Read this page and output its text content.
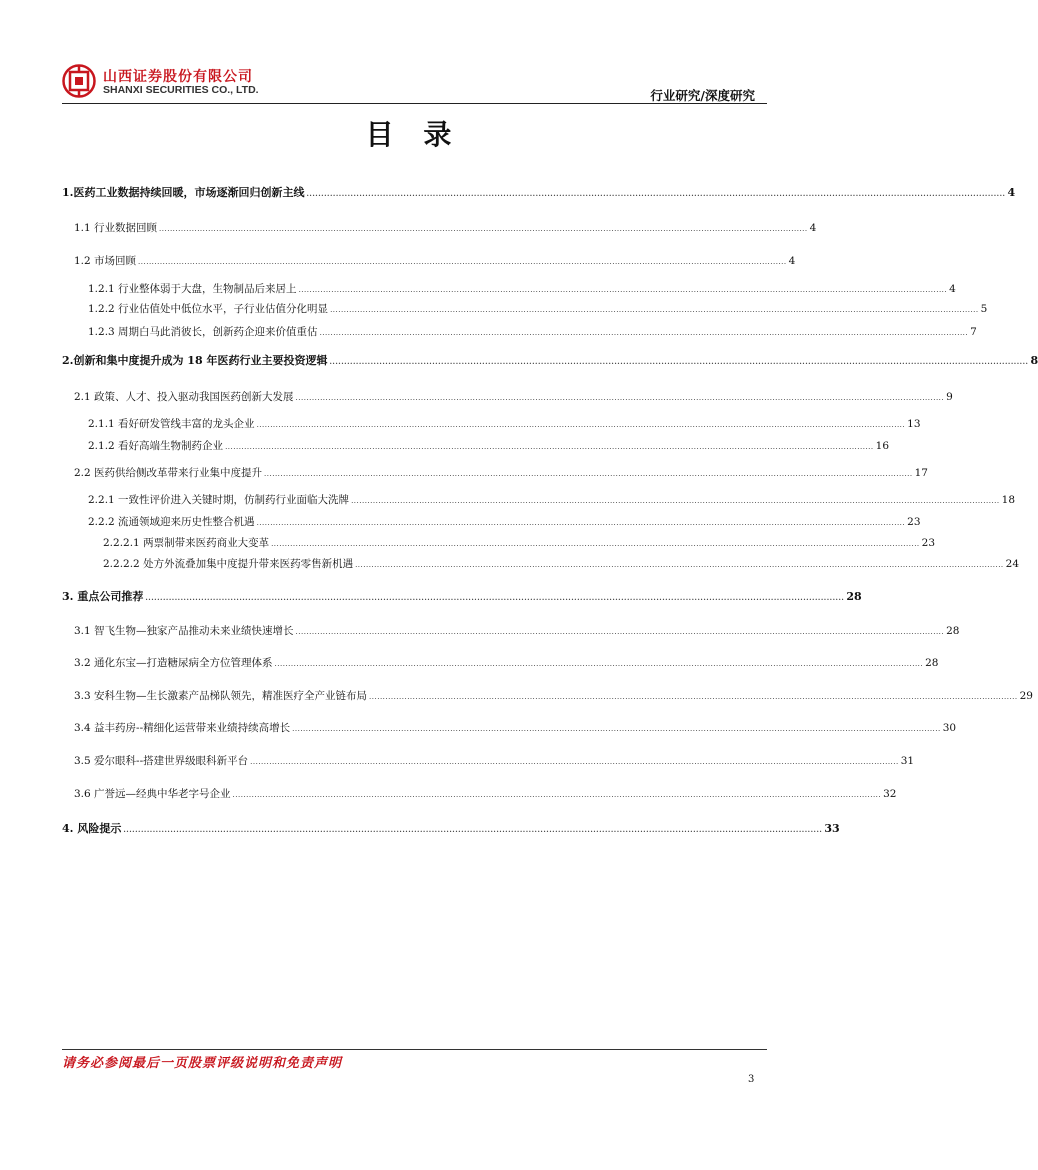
山西证券股份有限公司
SHANXI SECURITIES CO., LTD.	行业研究/深度研究
目 录
1.医药工业数据持续回暖，市场逐渐回归创新主线 .............................................................................................................................................................................................................................................. 4
1.1 行业数据回顾 .............................................................................................................................................................................................................................................. 4
1.2 市场回顾 .............................................................................................................................................................................................................................................. 4
1.2.1 行业整体弱于大盘，生物制品后来居上 .............................................................................................................................................................................................................................................. 4
1.2.2 行业估值处中低位水平，子行业估值分化明显 .............................................................................................................................................................................................................................................. 5
1.2.3 周期白马此消彼长，创新药企迎来价值重估 .............................................................................................................................................................................................................................................. 7
2.创新和集中度提升成为 18 年医药行业主要投资逻辑 .............................................................................................................................................................................................................................................. 8
2.1 政策、人才、投入驱动我国医药创新大发展 .............................................................................................................................................................................................................................................. 9
2.1.1 看好研发管线丰富的龙头企业 .............................................................................................................................................................................................................................................. 13
2.1.2 看好高端生物制药企业 .............................................................................................................................................................................................................................................. 16
2.2 医药供给侧改革带来行业集中度提升 .............................................................................................................................................................................................................................................. 17
2.2.1 一致性评价进入关键时期，仿制药行业面临大洗牌 .............................................................................................................................................................................................................................................. 18
2.2.2 流通领域迎来历史性整合机遇 .............................................................................................................................................................................................................................................. 23
2.2.2.1 两票制带来医药商业大变革 .............................................................................................................................................................................................................................................. 23
2.2.2.2 处方外流叠加集中度提升带来医药零售新机遇 .............................................................................................................................................................................................................................................. 24
3. 重点公司推荐 .............................................................................................................................................................................................................................................. 28
3.1 智飞生物—独家产品推动未来业绩快速增长 .............................................................................................................................................................................................................................................. 28
3.2 通化东宝—打造糖尿病全方位管理体系 .............................................................................................................................................................................................................................................. 28
3.3 安科生物—生长激素产品梯队领先，精准医疗全产业链布局 .............................................................................................................................................................................................................................................. 29
3.4 益丰药房--精细化运营带来业绩持续高增长 .............................................................................................................................................................................................................................................. 30
3.5 爱尔眼科--搭建世界级眼科新平台 .............................................................................................................................................................................................................................................. 31
3.6 广誉远—经典中华老字号企业 .............................................................................................................................................................................................................................................. 32
4. 风险提示 .............................................................................................................................................................................................................................................. 33
请务必参阅最后一页股票评级说明和免责声明
3
